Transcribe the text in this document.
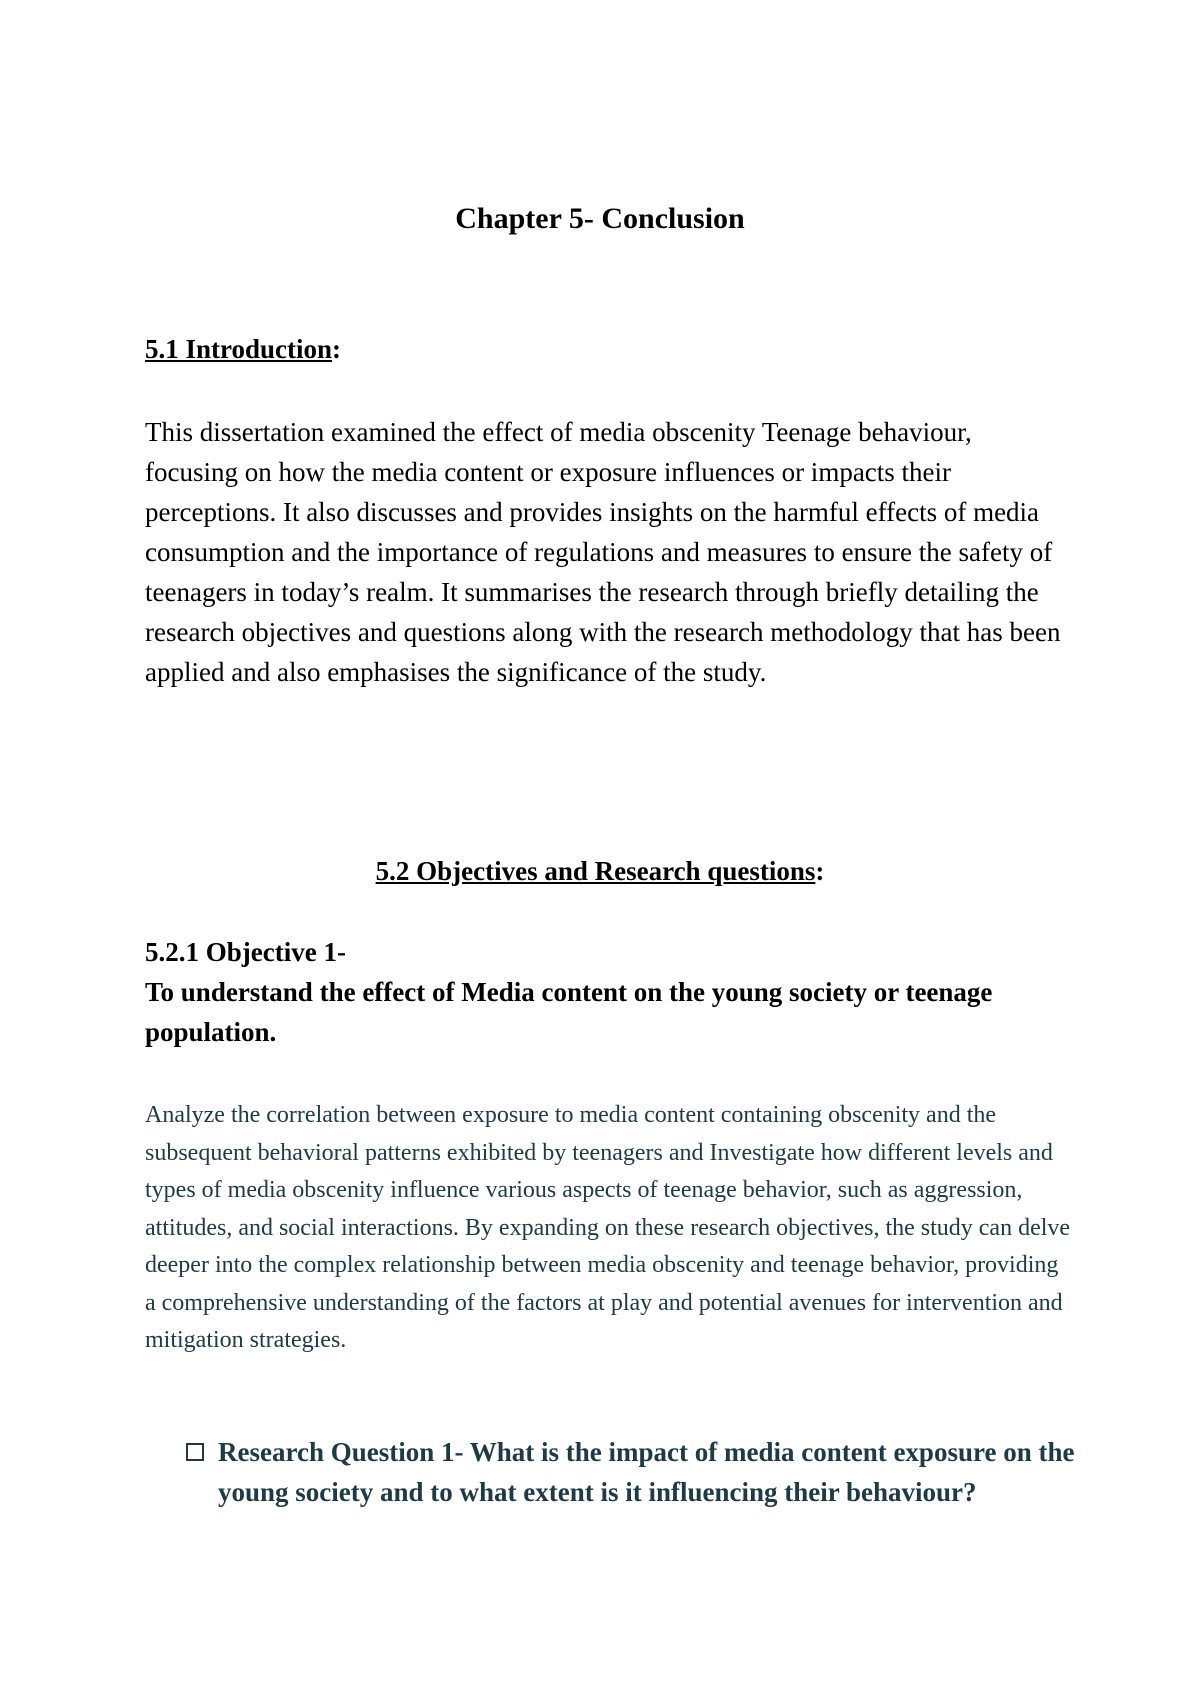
Chapter 5- Conclusion
5.1 Introduction:

This dissertation examined the effect of media obscenity Teenage behaviour, focusing on how the media content or exposure influences or impacts their perceptions. It also discusses and provides insights on the harmful effects of media consumption and the importance of regulations and measures to ensure the safety of teenagers in today’s realm. It summarises the research through briefly detailing the research objectives and questions along with the research methodology that has been applied and also emphasises the significance of the study.

5.2 Objectives and Research questions:
5.2.1 Objective 1-
To understand the effect of Media content on the young society or teenage population.

Analyze the correlation between exposure to media content containing obscenity and the subsequent behavioral patterns exhibited by teenagers and Investigate how different levels and types of media obscenity influence various aspects of teenage behavior, such as aggression, attitudes, and social interactions. By expanding on these research objectives, the study can delve deeper into the complex relationship between media obscenity and teenage behavior, providing a comprehensive understanding of the factors at play and potential avenues for intervention and mitigation strategies.

Research Question 1- What is the impact of media content exposure on the young society and to what extent is it influencing their behaviour?
